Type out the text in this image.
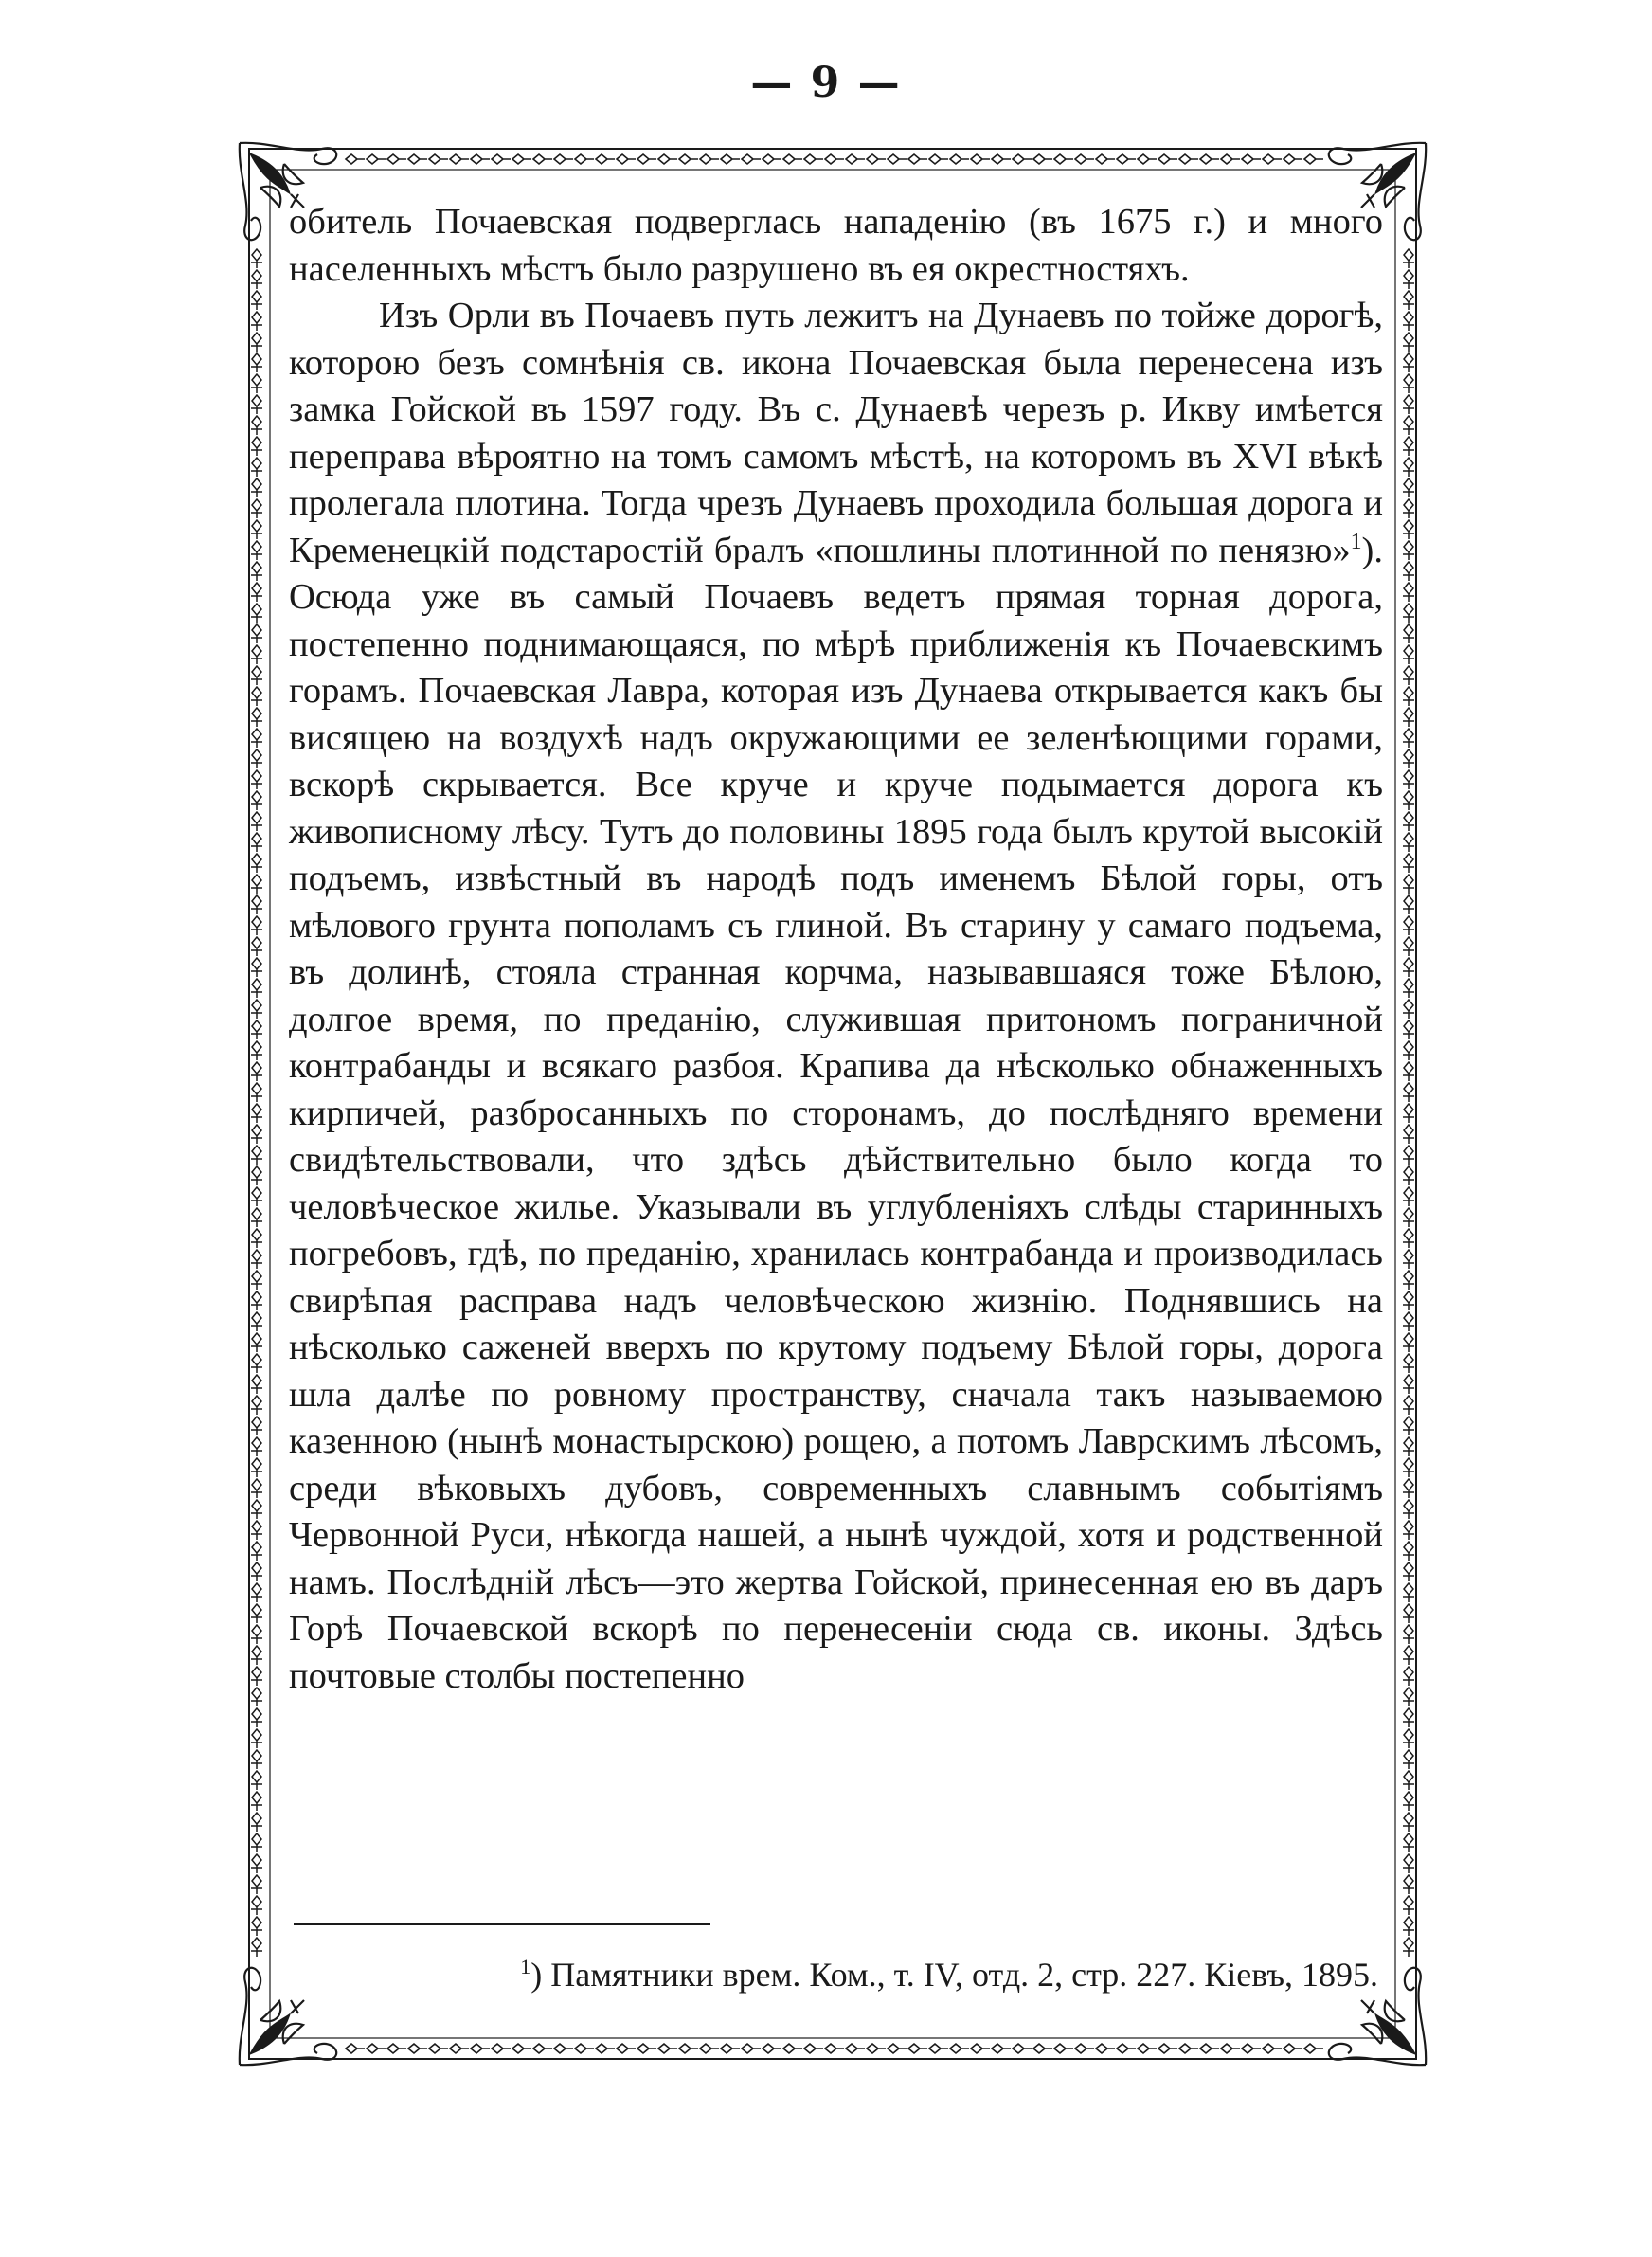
— 9 —

обитель Почаевская подверглась нападенію (въ 1675 г.) и много населенныхъ мѣстъ было разрушено въ ея окрестностяхъ.

Изъ Орли въ Почаевъ путь лежитъ на Дунаевъ по тойже дорогѣ, которою безъ сомнѣнія св. икона Почаевская была перенесена изъ замка Гойской въ 1597 году. Въ с. Дунаевѣ черезъ р. Икву имѣется переправа вѣроятно на томъ самомъ мѣстѣ, на которомъ въ XVI вѣкѣ пролегала плотина. Тогда чрезъ Дунаевъ проходила большая дорога и Кременецкій подстаростій бралъ «пошлины плотинной по пенязю»$^1$). Осюда уже въ самый Почаевъ ведетъ прямая торная дорога, постепенно поднимающаяся, по мѣрѣ приближенія къ Почаевскимъ горамъ. Почаевская Лавра, которая изъ Дунаева открывается какъ бы висящею на воздухѣ надъ окружающими ее зеленѣющими горами, вскорѣ скрывается. Все круче и круче подымается дорога къ живописному лѣсу. Тутъ до половины 1895 года былъ крутой высокій подъемъ, извѣстный въ народѣ подъ именемъ Бѣлой горы, отъ мѣлового грунта пополамъ съ глиной. Въ старину у самаго подъема, въ долинѣ, стояла странная корчма, называвшаяся тоже Бѣлою, долгое время, по преданію, служившая притономъ пограничной контрабанды и всякаго разбоя. Крапива да нѣсколько обнаженныхъ кирпичей, разбросанныхъ по сторонамъ, до послѣдняго времени свидѣтельствовали, что здѣсь дѣйствительно было когда то человѣческое жилье. Указывали въ углубленіяхъ слѣды старинныхъ погребовъ, гдѣ, по преданію, хранилась контрабанда и производилась свирѣпая расправа надъ человѣческою жизнію. Поднявшись на нѣсколько саженей вверхъ по крутому подъему Бѣлой горы, дорога шла далѣе по ровному пространству, сначала такъ называемою казенною (нынѣ монастырскою) рощею, а потомъ Лаврскимъ лѣсомъ, среди вѣковыхъ дубовъ, современныхъ славнымъ событіямъ Червонной Руси, нѣкогда нашей, а нынѣ чуждой, хотя и родственной намъ. Послѣдній лѣсъ—это жертва Гойской, принесенная ею въ даръ Горѣ Почаевской вскорѣ по перенесеніи сюда св. иконы. Здѣсь почтовые столбы постепенно

$^1$) Памятники врем. Ком., т. IV, отд. 2, стр. 227. Кіевъ, 1895.
